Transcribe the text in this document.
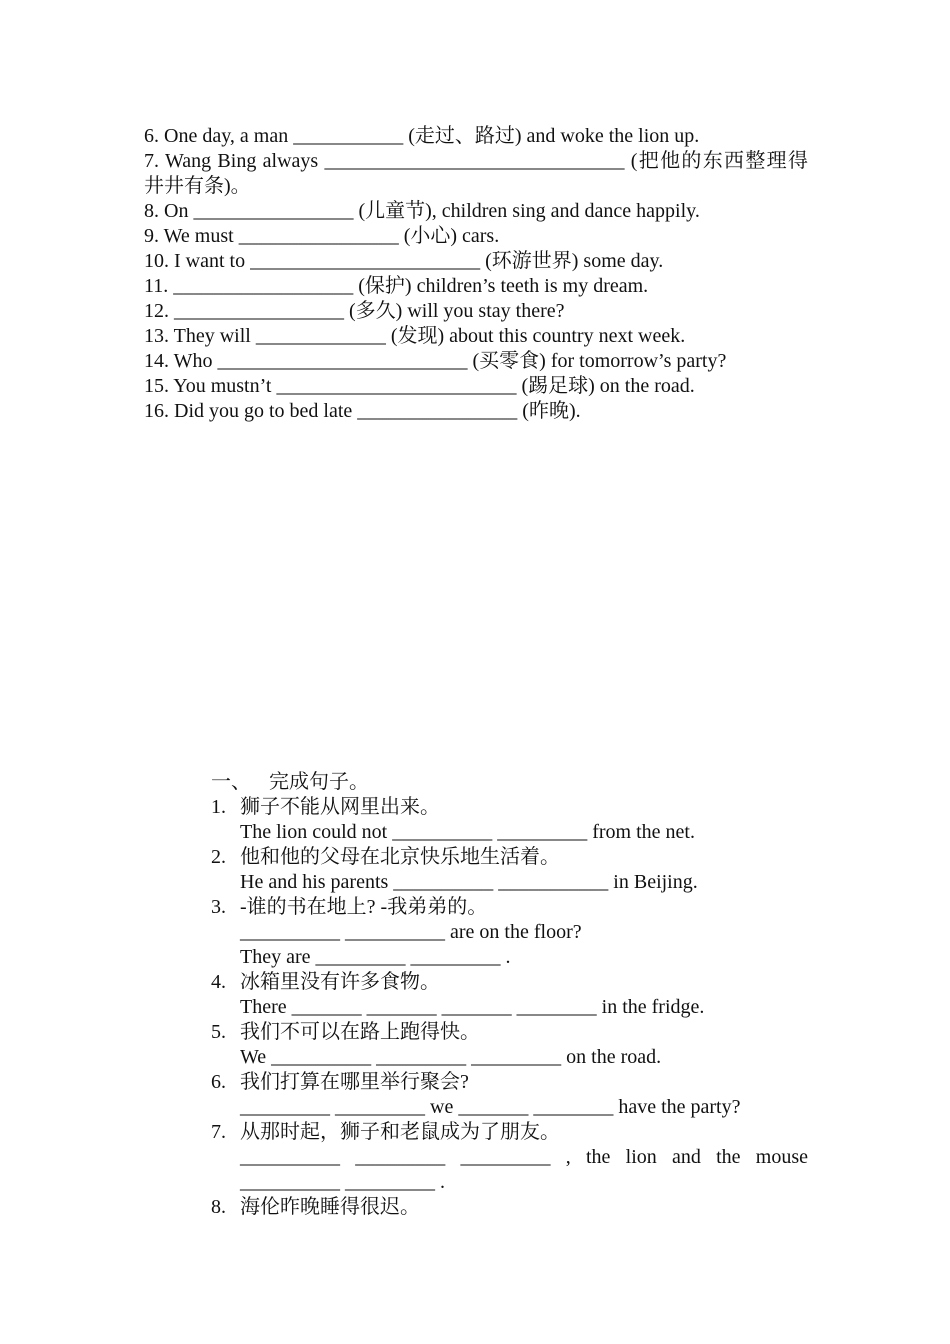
6. One day, a man ___________ (走过、路过) and woke the lion up.
7. Wang Bing always ______________________________ (把他的东西整理得井井有条)。
8. On ________________ (儿童节), children sing and dance happily.
9. We must ________________ (小心) cars.
10. I want to _______________________ (环游世界) some day.
11. __________________ (保护) children’s teeth is my dream.
12. _________________ (多久) will you stay there?
13. They will _____________ (发现) about this country next week.
14. Who _________________________ (买零食) for tomorrow’s party?
15. You mustn’t ________________________ (踢足球) on the road.
16. Did you go to bed late ________________ (昨晚).
一、 完成句子。
1. 狮子不能从网里出来。
The lion could not __________ _________ from the net.
2. 他和他的父母在北京快乐地生活着。
He and his parents __________ ___________ in Beijing.
3. -谁的书在地上? -我弟弟的。
__________ __________ are on the floor?
They are _________ _________ .
4. 冰箱里没有许多食物。
There _______ _______ _______ ________ in the fridge.
5. 我们不可以在路上跑得快。
We __________ _________ _________ on the road.
6. 我们打算在哪里举行聚会?
_________ _________ we _______ ________ have the party?
7. 从那时起，狮子和老鼠成为了朋友。
__________ _________ _________ , the lion and the mouse __________ _________ .
8. 海伦昨晚睡得很迟。
